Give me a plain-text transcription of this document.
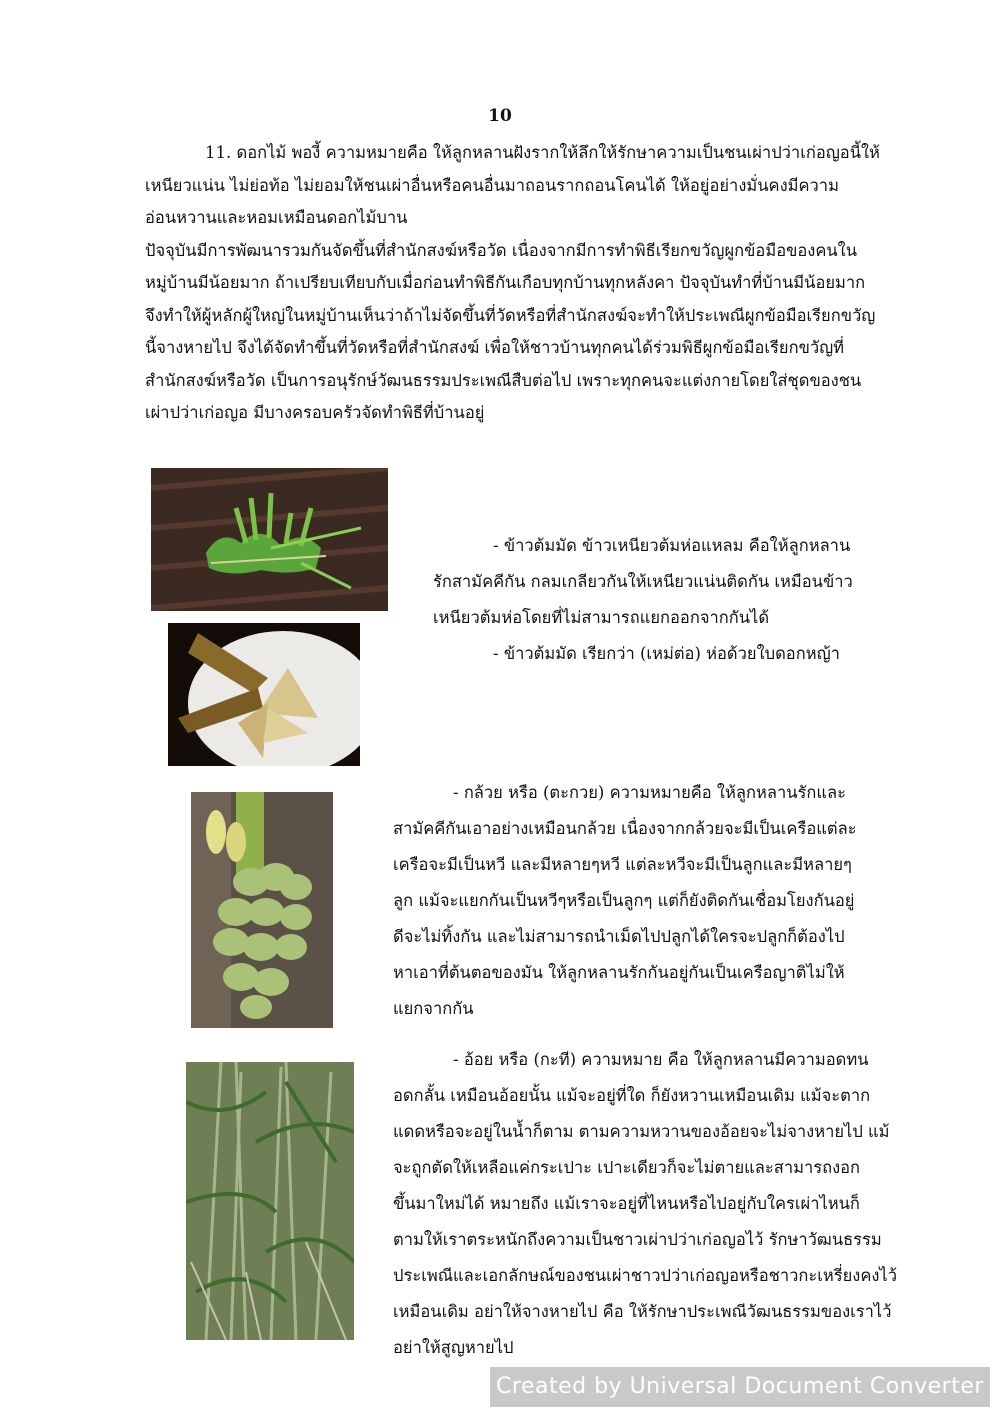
10
11. ดอกไม้ พองี้ ความหมายคือ ให้ลูกหลานฝังรากให้ลึกให้รักษาความเป็นชนเผ่าปว่าเก่อญอนี้ให้
เหนียวแน่น ไม่ย่อท้อ ไม่ยอมให้ชนเผ่าอื่นหรือคนอื่นมาถอนรากถอนโคนได้ ให้อยู่อย่างมั่นคงมีความ
อ่อนหวานและหอมเหมือนดอกไม้บาน
ปัจจุบันมีการพัฒนารวมกันจัดขึ้นที่สำนักสงฆ์หรือวัด เนื่องจากมีการทำพิธีเรียกขวัญผูกข้อมือของคนใน
หมู่บ้านมีน้อยมาก ถ้าเปรียบเทียบกับเมื่อก่อนทำพิธีกันเกือบทุกบ้านทุกหลังคา ปัจจุบันทำที่บ้านมีน้อยมาก
จึงทำให้ผู้หลักผู้ใหญ่ในหมู่บ้านเห็นว่าถ้าไม่จัดขึ้นที่วัดหรือที่สำนักสงฆ์จะทำให้ประเพณีผูกข้อมือเรียกขวัญ
นี้จางหายไป จึงได้จัดทำขึ้นที่วัดหรือที่สำนักสงฆ์ เพื่อให้ชาวบ้านทุกคนได้ร่วมพิธีผูกข้อมือเรียกขวัญที่
สำนักสงฆ์หรือวัด เป็นการอนุรักษ์วัฒนธรรมประเพณีสืบต่อไป เพราะทุกคนจะแต่งกายโดยใส่ชุดของชน
เผ่าปว่าเก่อญอ มีบางครอบครัวจัดทำพิธีที่บ้านอยู่
- ข้าวต้มมัด ข้าวเหนียวต้มห่อแหลม คือให้ลูกหลาน
รักสามัคคีกัน กลมเกลียวกันให้เหนียวแน่นติดกัน เหมือนข้าว
เหนียวต้มห่อโดยที่ไม่สามารถแยกออกจากกันได้
- ข้าวต้มมัด เรียกว่า (เหม่ต่อ) ห่อด้วยใบดอกหญ้า
- กล้วย หรือ (ตะกวย) ความหมายคือ ให้ลูกหลานรักและ
สามัคคีกันเอาอย่างเหมือนกล้วย เนื่องจากกล้วยจะมีเป็นเครือแต่ละ
เครือจะมีเป็นหวี และมีหลายๆหวี แต่ละหวีจะมีเป็นลูกและมีหลายๆ
ลูก แม้จะแยกกันเป็นหวีๆหรือเป็นลูกๆ แต่ก็ยังติดกันเชื่อมโยงกันอยู่
ดีจะไม่ทิ้งกัน และไม่สามารถนำเม็ดไปปลูกได้ใครจะปลูกก็ต้องไป
หาเอาที่ต้นตอของมัน ให้ลูกหลานรักกันอยู่กันเป็นเครือญาติไม่ให้
แยกจากกัน
- อ้อย หรือ (กะที) ความหมาย คือ ให้ลูกหลานมีความอดทน
อดกลั้น เหมือนอ้อยนั้น แม้จะอยู่ที่ใด ก็ยังหวานเหมือนเดิม แม้จะตาก
แดดหรือจะอยู่ในน้ำก็ตาม ตามความหวานของอ้อยจะไม่จางหายไป แม้
จะถูกตัดให้เหลือแค่กระเปาะ เปาะเดียวก็จะไม่ตายและสามารถงอก
ขึ้นมาใหม่ได้ หมายถึง แม้เราจะอยู่ที่ไหนหรือไปอยู่กับใครเผ่าไหนก็
ตามให้เราตระหนักถึงความเป็นชาวเผ่าปว่าเก่อญอไว้ รักษาวัฒนธรรม
ประเพณีและเอกลักษณ์ของชนเผ่าชาวปว่าเก่อญอหรือชาวกะเหรี่ยงคงไว้
เหมือนเดิม อย่าให้จางหายไป คือ ให้รักษาประเพณีวัฒนธรรมของเราไว้
อย่าให้สูญหายไป
Created by Universal Document Converter
